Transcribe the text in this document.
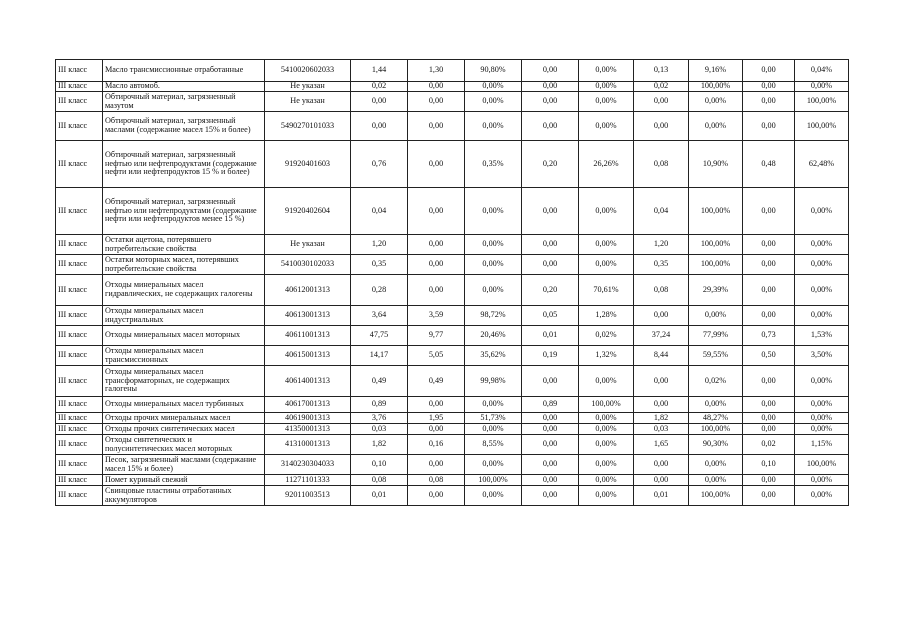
III класс	Масло трансмиссионные отработанные	5410020602033	1,44	1,30	90,80%	0,00	0,00%	0,13	9,16%	0,00	0,04%
III класс	Масло автомоб.	Не указан	0,02	0,00	0,00%	0,00	0,00%	0,02	100,00%	0,00	0,00%
III класс	Обтирочный материал, загрязненный мазутом	Не указан	0,00	0,00	0,00%	0,00	0,00%	0,00	0,00%	0,00	100,00%
III класс	Обтирочный материал, загрязненный маслами (содержание масел 15% и более)	5490270101033	0,00	0,00	0,00%	0,00	0,00%	0,00	0,00%	0,00	100,00%
III класс	Обтирочный материал, загрязненный нефтью или нефтепродуктами (содержание нефти или нефтепродуктов 15 % и более)	91920401603	0,76	0,00	0,35%	0,20	26,26%	0,08	10,90%	0,48	62,48%
III класс	Обтирочный материал, загрязненный нефтью или нефтепродуктами (содержание нефти или нефтепродуктов менее 15 %)	91920402604	0,04	0,00	0,00%	0,00	0,00%	0,04	100,00%	0,00	0,00%
III класс	Остатки ацетона, потерявшего потребительские свойства	Не указан	1,20	0,00	0,00%	0,00	0,00%	1,20	100,00%	0,00	0,00%
III класс	Остатки моторных масел, потерявших потребительские свойства	5410030102033	0,35	0,00	0,00%	0,00	0,00%	0,35	100,00%	0,00	0,00%
III класс	Отходы минеральных масел гидравлических, не содержащих галогены	40612001313	0,28	0,00	0,00%	0,20	70,61%	0,08	29,39%	0,00	0,00%
III класс	Отходы минеральных масел индустриальных	40613001313	3,64	3,59	98,72%	0,05	1,28%	0,00	0,00%	0,00	0,00%
III класс	Отходы минеральных масел моторных	40611001313	47,75	9,77	20,46%	0,01	0,02%	37,24	77,99%	0,73	1,53%
III класс	Отходы минеральных масел трансмиссионных	40615001313	14,17	5,05	35,62%	0,19	1,32%	8,44	59,55%	0,50	3,50%
III класс	Отходы минеральных масел трансформаторных, не содержащих галогены	40614001313	0,49	0,49	99,98%	0,00	0,00%	0,00	0,02%	0,00	0,00%
III класс	Отходы минеральных масел турбинных	40617001313	0,89	0,00	0,00%	0,89	100,00%	0,00	0,00%	0,00	0,00%
III класс	Отходы прочих минеральных масел	40619001313	3,76	1,95	51,73%	0,00	0,00%	1,82	48,27%	0,00	0,00%
III класс	Отходы прочих синтетических масел	41350001313	0,03	0,00	0,00%	0,00	0,00%	0,03	100,00%	0,00	0,00%
III класс	Отходы синтетических и полусинтетических масел моторных	41310001313	1,82	0,16	8,55%	0,00	0,00%	1,65	90,30%	0,02	1,15%
III класс	Песок, загрязненный маслами (содержание масел 15% и более)	3140230304033	0,10	0,00	0,00%	0,00	0,00%	0,00	0,00%	0,10	100,00%
III класс	Помет куриный свежий	11271101333	0,08	0,08	100,00%	0,00	0,00%	0,00	0,00%	0,00	0,00%
III класс	Свинцовые пластины отработанных аккумуляторов	92011003513	0,01	0,00	0,00%	0,00	0,00%	0,01	100,00%	0,00	0,00%
